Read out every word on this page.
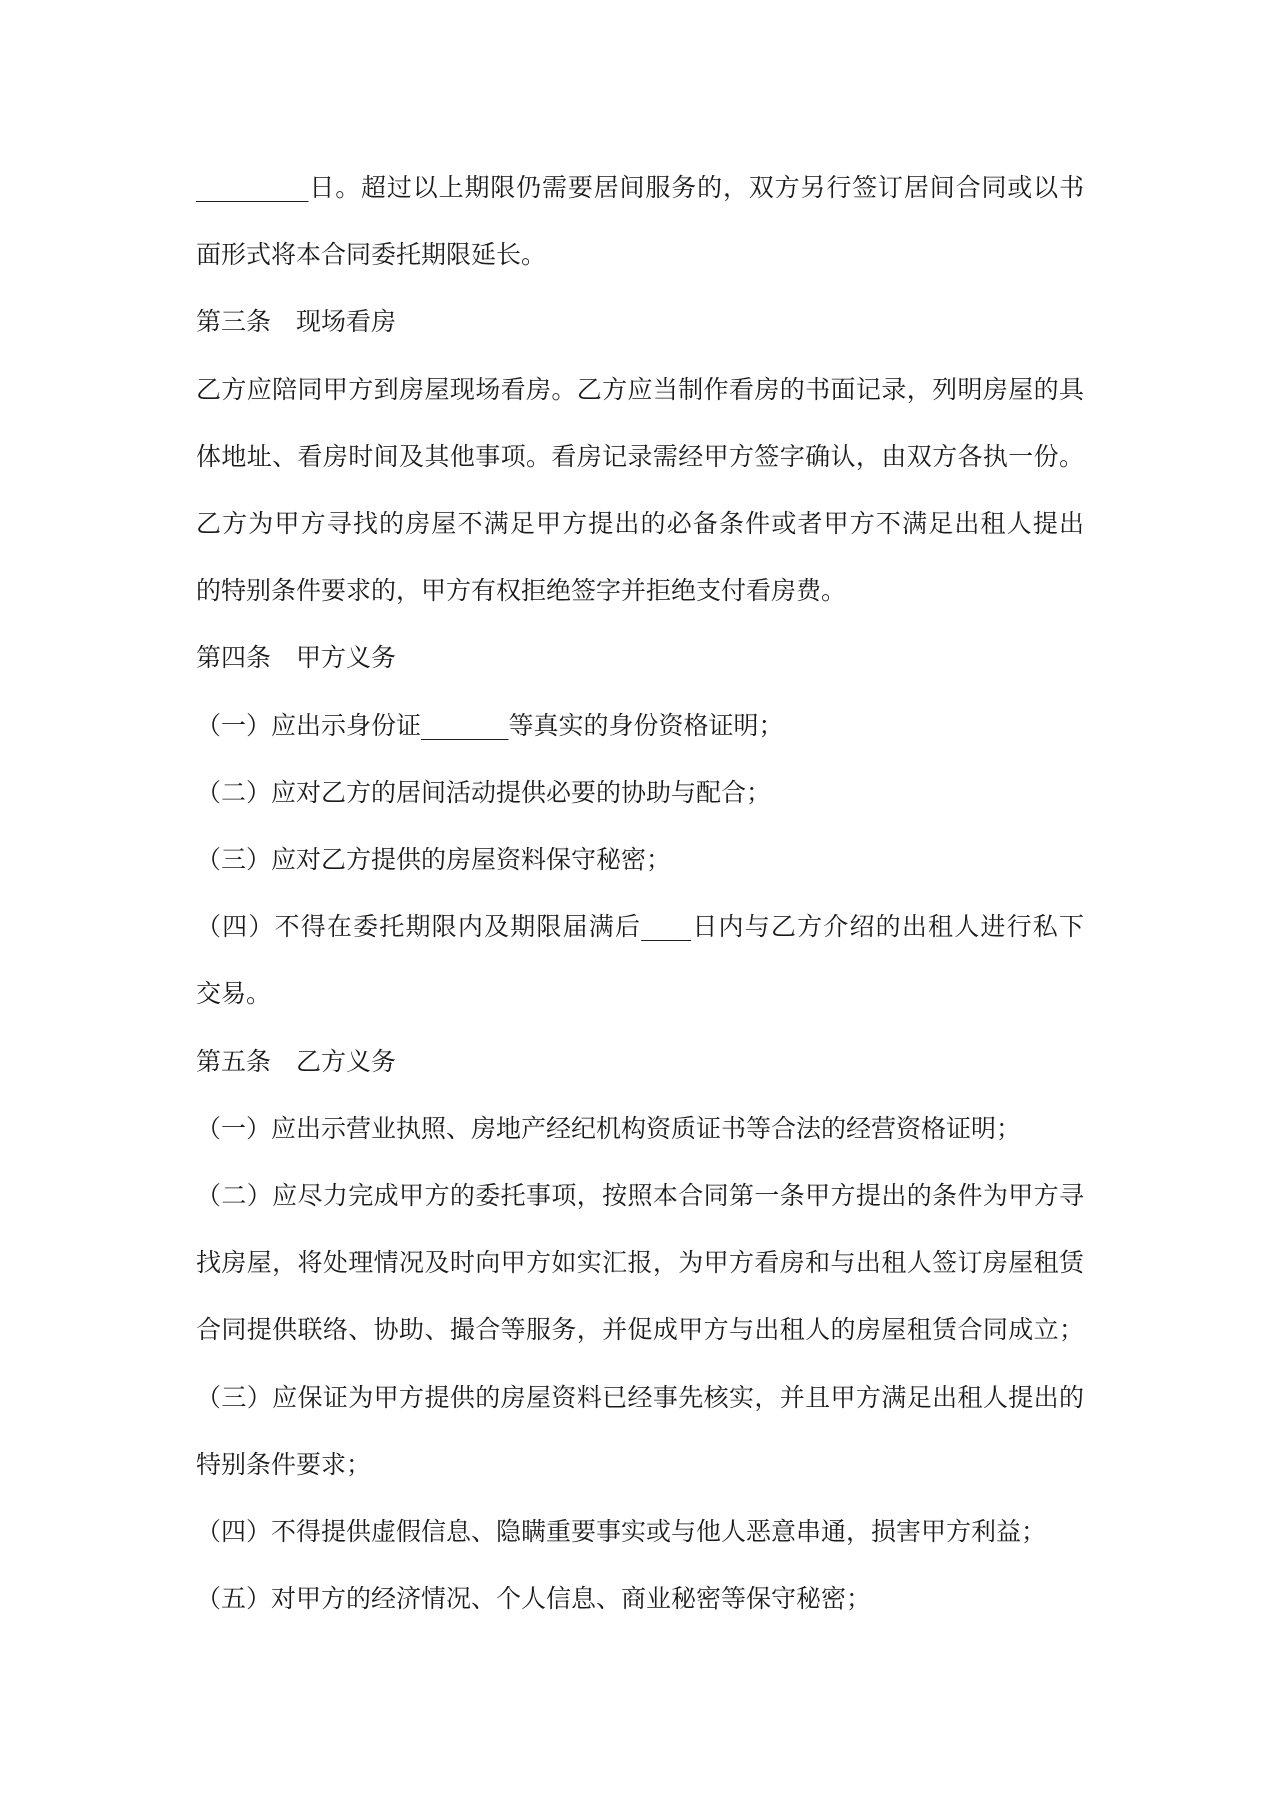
_________日。超过以上期限仍需要居间服务的，双方另行签订居间合同或以书
面形式将本合同委托期限延长。
第三条　现场看房
乙方应陪同甲方到房屋现场看房。乙方应当制作看房的书面记录，列明房屋的具
体地址、看房时间及其他事项。看房记录需经甲方签字确认，由双方各执一份。
乙方为甲方寻找的房屋不满足甲方提出的必备条件或者甲方不满足出租人提出
的特别条件要求的，甲方有权拒绝签字并拒绝支付看房费。
第四条　甲方义务
（一）应出示身份证_______等真实的身份资格证明；
（二）应对乙方的居间活动提供必要的协助与配合；
（三）应对乙方提供的房屋资料保守秘密；
（四）不得在委托期限内及期限届满后____日内与乙方介绍的出租人进行私下
交易。
第五条　乙方义务
（一）应出示营业执照、房地产经纪机构资质证书等合法的经营资格证明；
（二）应尽力完成甲方的委托事项，按照本合同第一条甲方提出的条件为甲方寻
找房屋，将处理情况及时向甲方如实汇报，为甲方看房和与出租人签订房屋租赁
合同提供联络、协助、撮合等服务，并促成甲方与出租人的房屋租赁合同成立；
（三）应保证为甲方提供的房屋资料已经事先核实，并且甲方满足出租人提出的
特别条件要求；
（四）不得提供虚假信息、隐瞒重要事实或与他人恶意串通，损害甲方利益；
（五）对甲方的经济情况、个人信息、商业秘密等保守秘密；
